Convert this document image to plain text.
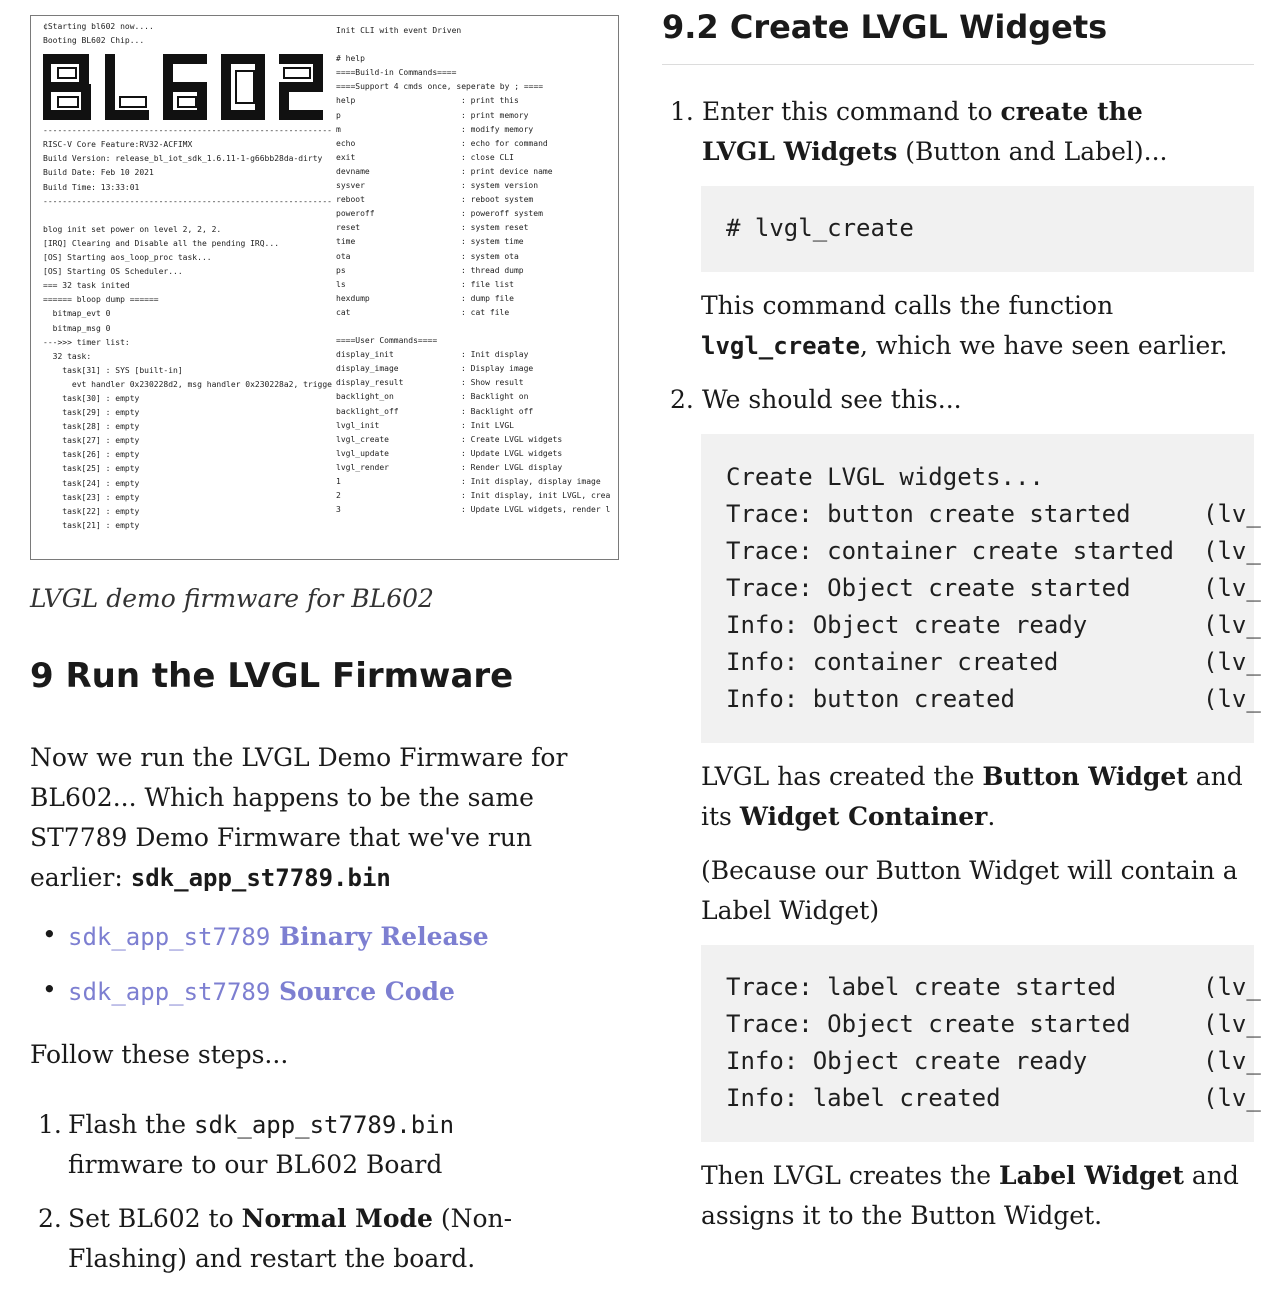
¢Starting bl602 now....
Booting BL602 Chip...
------------------------------------------------------------
RISC-V Core Feature:RV32-ACFIMX
Build Version: release_bl_iot_sdk_1.6.11-1-g66bb28da-dirty
Build Date: Feb 10 2021
Build Time: 13:33:01
------------------------------------------------------------
blog init set power on level 2, 2, 2.
[IRQ] Clearing and Disable all the pending IRQ...
[OS] Starting aos_loop_proc task...
[OS] Starting OS Scheduler...
=== 32 task inited
====== bloop dump ======
bitmap_evt 0
bitmap_msg 0
--->>> timer list:
32 task:
task[31] : SYS [built-in]
evt handler 0x230228d2, msg handler 0x230228a2, trigge
task[30] : empty
task[29] : empty
task[28] : empty
task[27] : empty
task[26] : empty
task[25] : empty
task[24] : empty
task[23] : empty
task[22] : empty
task[21] : empty
Init CLI with event Driven
# help
====Build-in Commands====
====Support 4 cmds once, seperate by ; ====
help	: print this
p	: print memory
m	: modify memory
echo	: echo for command
exit	: close CLI
devname	: print device name
sysver	: system version
reboot	: reboot system
poweroff	: poweroff system
reset	: system reset
time	: system time
ota	: system ota
ps	: thread dump
ls	: file list
hexdump	: dump file
cat	: cat file
====User Commands====
display_init	: Init display
display_image	: Display image
display_result	: Show result
backlight_on	: Backlight on
backlight_off	: Backlight off
lvgl_init	: Init LVGL
lvgl_create	: Create LVGL widgets
lvgl_update	: Update LVGL widgets
lvgl_render	: Render LVGL display
1	: Init display, display image
2	: Init display, init LVGL, crea
3	: Update LVGL widgets, render l
LVGL demo firmware for BL602
9 Run the LVGL Firmware

Now we run the LVGL Demo Firmware for BL602... Which happens to be the same ST7789 Demo Firmware that we've run earlier: sdk_app_st7789.bin

• sdk_app_st7789 Binary Release
• sdk_app_st7789 Source Code

Follow these steps...

1. Flash the sdk_app_st7789.bin
firmware to our BL602 Board
2. Set BL602 to Normal Mode (Non-Flashing) and restart the board.
9.2 Create LVGL Widgets
1. Enter this command to create the LVGL Widgets (Button and Label)...
# lvgl_create

This command calls the function lvgl_create, which we have seen earlier.

2. We should see this...
Create LVGL widgets...
Trace: button create started	(lv_
Trace: container create started (lv_
Trace: Object create started	(lv_
Info: Object create ready	(lv_
Info: container created	(lv_
Info: button created	(lv_

LVGL has created the Button Widget and its Widget Container.

(Because our Button Widget will contain a Label Widget)

Trace: label create started	(lv_
Trace: Object create started	(lv_
Info: Object create ready	(lv_
Info: label created	(lv_

Then LVGL creates the Label Widget and assigns it to the Button Widget.
